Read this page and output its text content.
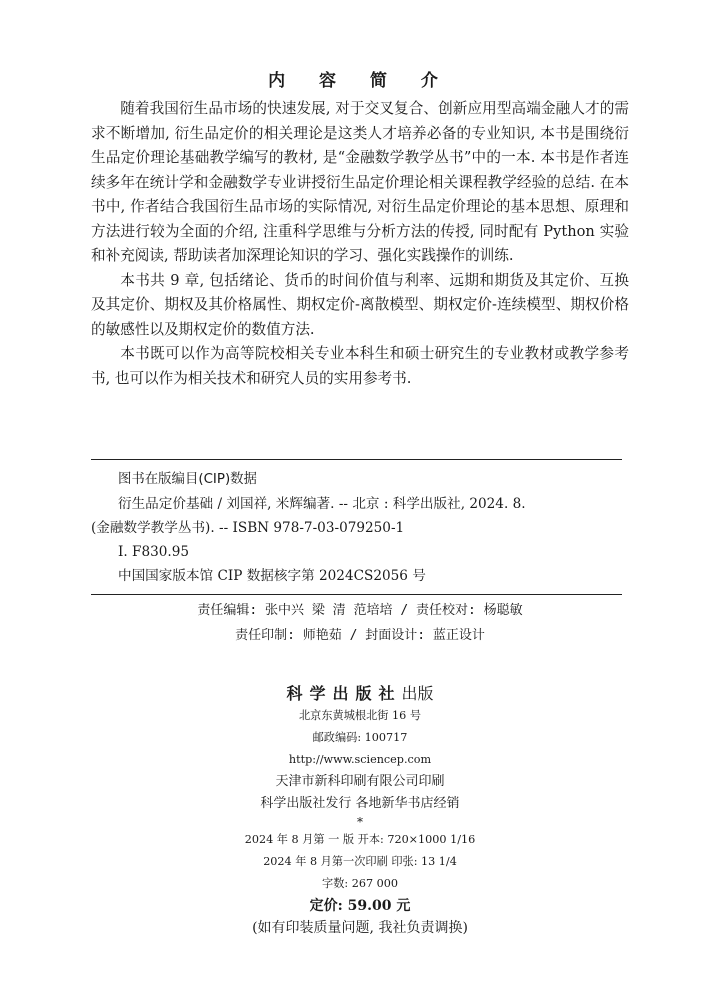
内 容 简 介

随着我国衍生品市场的快速发展, 对于交叉复合、创新应用型高端金融人才的需求不断增加, 衍生品定价的相关理论是这类人才培养必备的专业知识, 本书是围绕衍生品定价理论基础教学编写的教材, 是“金融数学教学丛书”中的一本. 本书是作者连续多年在统计学和金融数学专业讲授衍生品定价理论相关课程教学经验的总结. 在本书中, 作者结合我国衍生品市场的实际情况, 对衍生品定价理论的基本思想、原理和方法进行较为全面的介绍, 注重科学思维与分析方法的传授, 同时配有 Python 实验和补充阅读, 帮助读者加深理论知识的学习、强化实践操作的训练.

本书共 9 章, 包括绪论、货币的时间价值与利率、远期和期货及其定价、互换及其定价、期权及其价格属性、期权定价-离散模型、期权定价-连续模型、期权价格的敏感性以及期权定价的数值方法.

本书既可以作为高等院校相关专业本科生和硕士研究生的专业教材或教学参考书, 也可以作为相关技术和研究人员的实用参考书.

图书在版编目(CIP)数据
衍生品定价基础 / 刘国祥, 米辉编著. -- 北京 : 科学出版社, 2024. 8.
(金融数学教学丛书). -- ISBN 978-7-03-079250-1
I. F830.95
中国国家版本馆 CIP 数据核字第 2024CS2056 号
责任编辑: 张中兴 梁 清 范培培 / 责任校对: 杨聪敏
责任印制: 师艳茹 / 封面设计: 蓝正设计
科学出版社出版
北京东黄城根北街 16 号
邮政编码: 100717
http://www.sciencep.com
天津市新科印刷有限公司印刷
科学出版社发行 各地新华书店经销
*
2024 年 8 月第 一 版 开本: 720×1000 1/16
2024 年 8 月第一次印刷 印张: 13 1/4
字数: 267 000
定价: 59.00 元
(如有印装质量问题, 我社负责调换)
